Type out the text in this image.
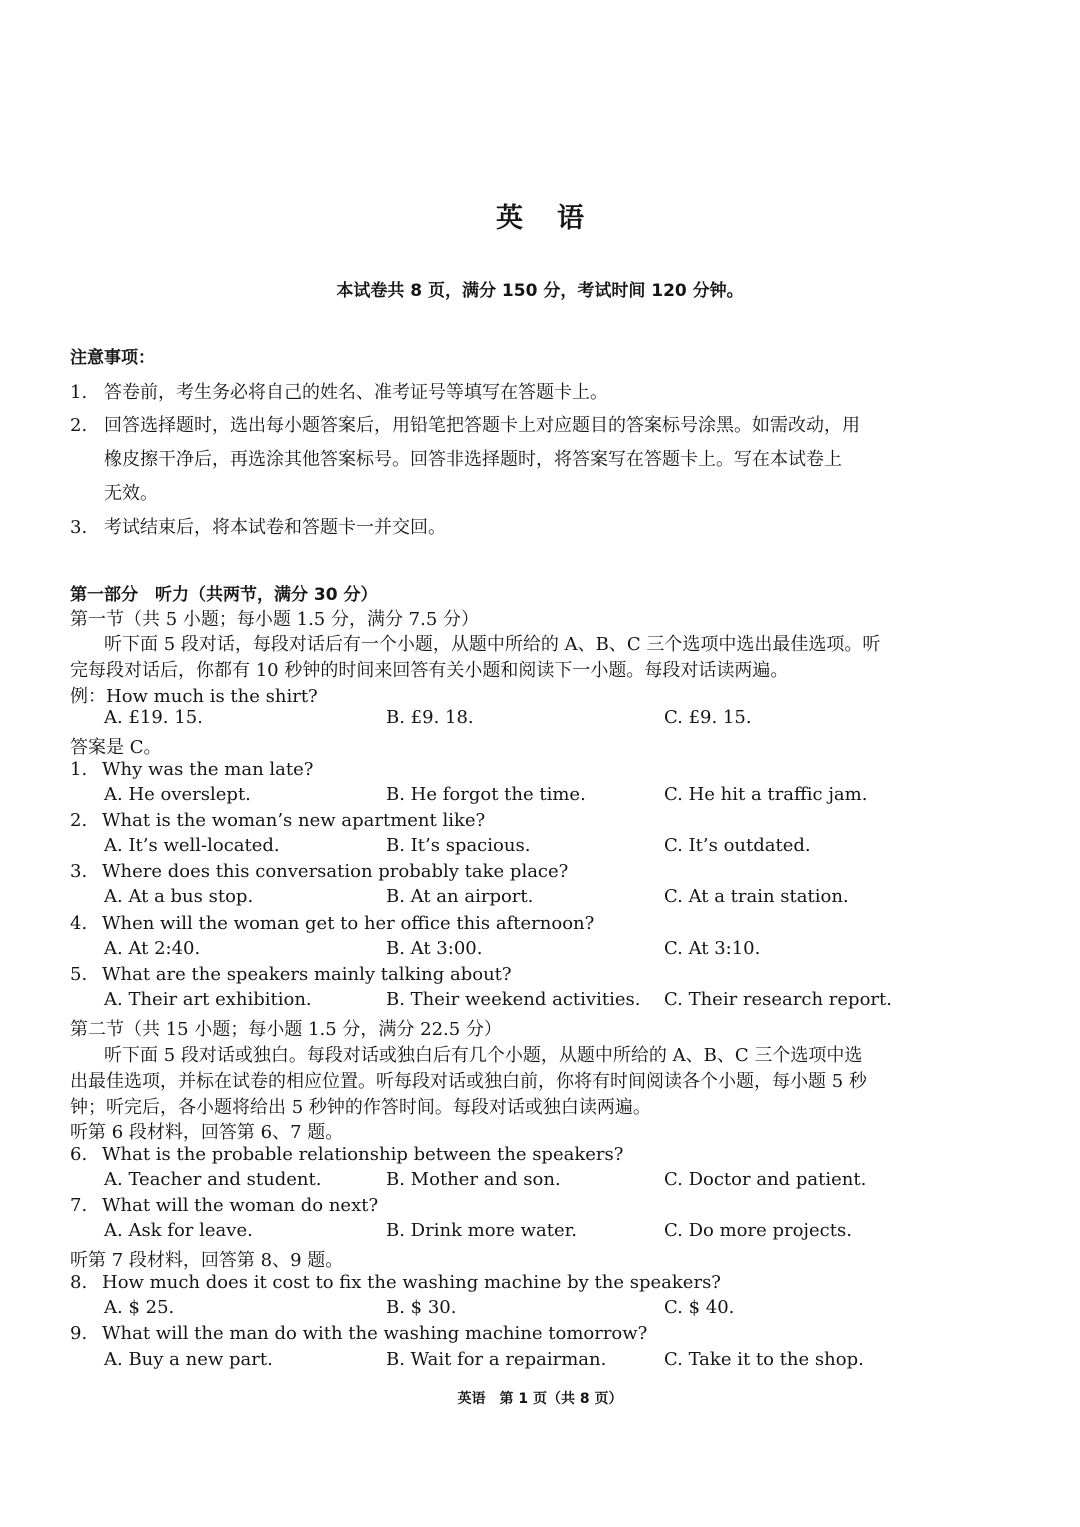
英语
本试卷共 8 页，满分 150 分，考试时间 120 分钟。
注意事项：
1. 答卷前，考生务必将自己的姓名、准考证号等填写在答题卡上。
2. 回答选择题时，选出每小题答案后，用铅笔把答题卡上对应题目的答案标号涂黑。如需改动，用
橡皮擦干净后，再选涂其他答案标号。回答非选择题时，将答案写在答题卡上。写在本试卷上
无效。
3. 考试结束后，将本试卷和答题卡一并交回。
第一部分　听力（共两节，满分 30 分）
第一节（共 5 小题；每小题 1.5 分，满分 7.5 分）
听下面 5 段对话，每段对话后有一个小题，从题中所给的 A、B、C 三个选项中选出最佳选项。听
完每段对话后，你都有 10 秒钟的时间来回答有关小题和阅读下一小题。每段对话读两遍。
例：How much is the shirt?
A. £19. 15.	B. £9. 18.	C. £9. 15.
答案是 C。
1. Why was the man late?
A. He overslept.	B. He forgot the time.	C. He hit a traffic jam.
2. What is the woman’s new apartment like?
A. It’s well-located.	B. It’s spacious.	C. It’s outdated.
3. Where does this conversation probably take place?
A. At a bus stop.	B. At an airport.	C. At a train station.
4. When will the woman get to her office this afternoon?
A. At 2:40.	B. At 3:00.	C. At 3:10.
5. What are the speakers mainly talking about?
A. Their art exhibition.	B. Their weekend activities. C. Their research report.
第二节（共 15 小题；每小题 1.5 分，满分 22.5 分）
听下面 5 段对话或独白。每段对话或独白后有几个小题，从题中所给的 A、B、C 三个选项中选
出最佳选项，并标在试卷的相应位置。听每段对话或独白前，你将有时间阅读各个小题，每小题 5 秒
钟；听完后，各小题将给出 5 秒钟的作答时间。每段对话或独白读两遍。
听第 6 段材料，回答第 6、7 题。
6. What is the probable relationship between the speakers?
A. Teacher and student.	B. Mother and son.	C. Doctor and patient.
7. What will the woman do next?
A. Ask for leave.	B. Drink more water.	C. Do more projects.
听第 7 段材料，回答第 8、9 题。
8. How much does it cost to fix the washing machine by the speakers?
A. $ 25.	B. $ 30.	C. $ 40.
9. What will the man do with the washing machine tomorrow?
A. Buy a new part.	B. Wait for a repairman.	C. Take it to the shop.
英语　第 1 页（共 8 页）
